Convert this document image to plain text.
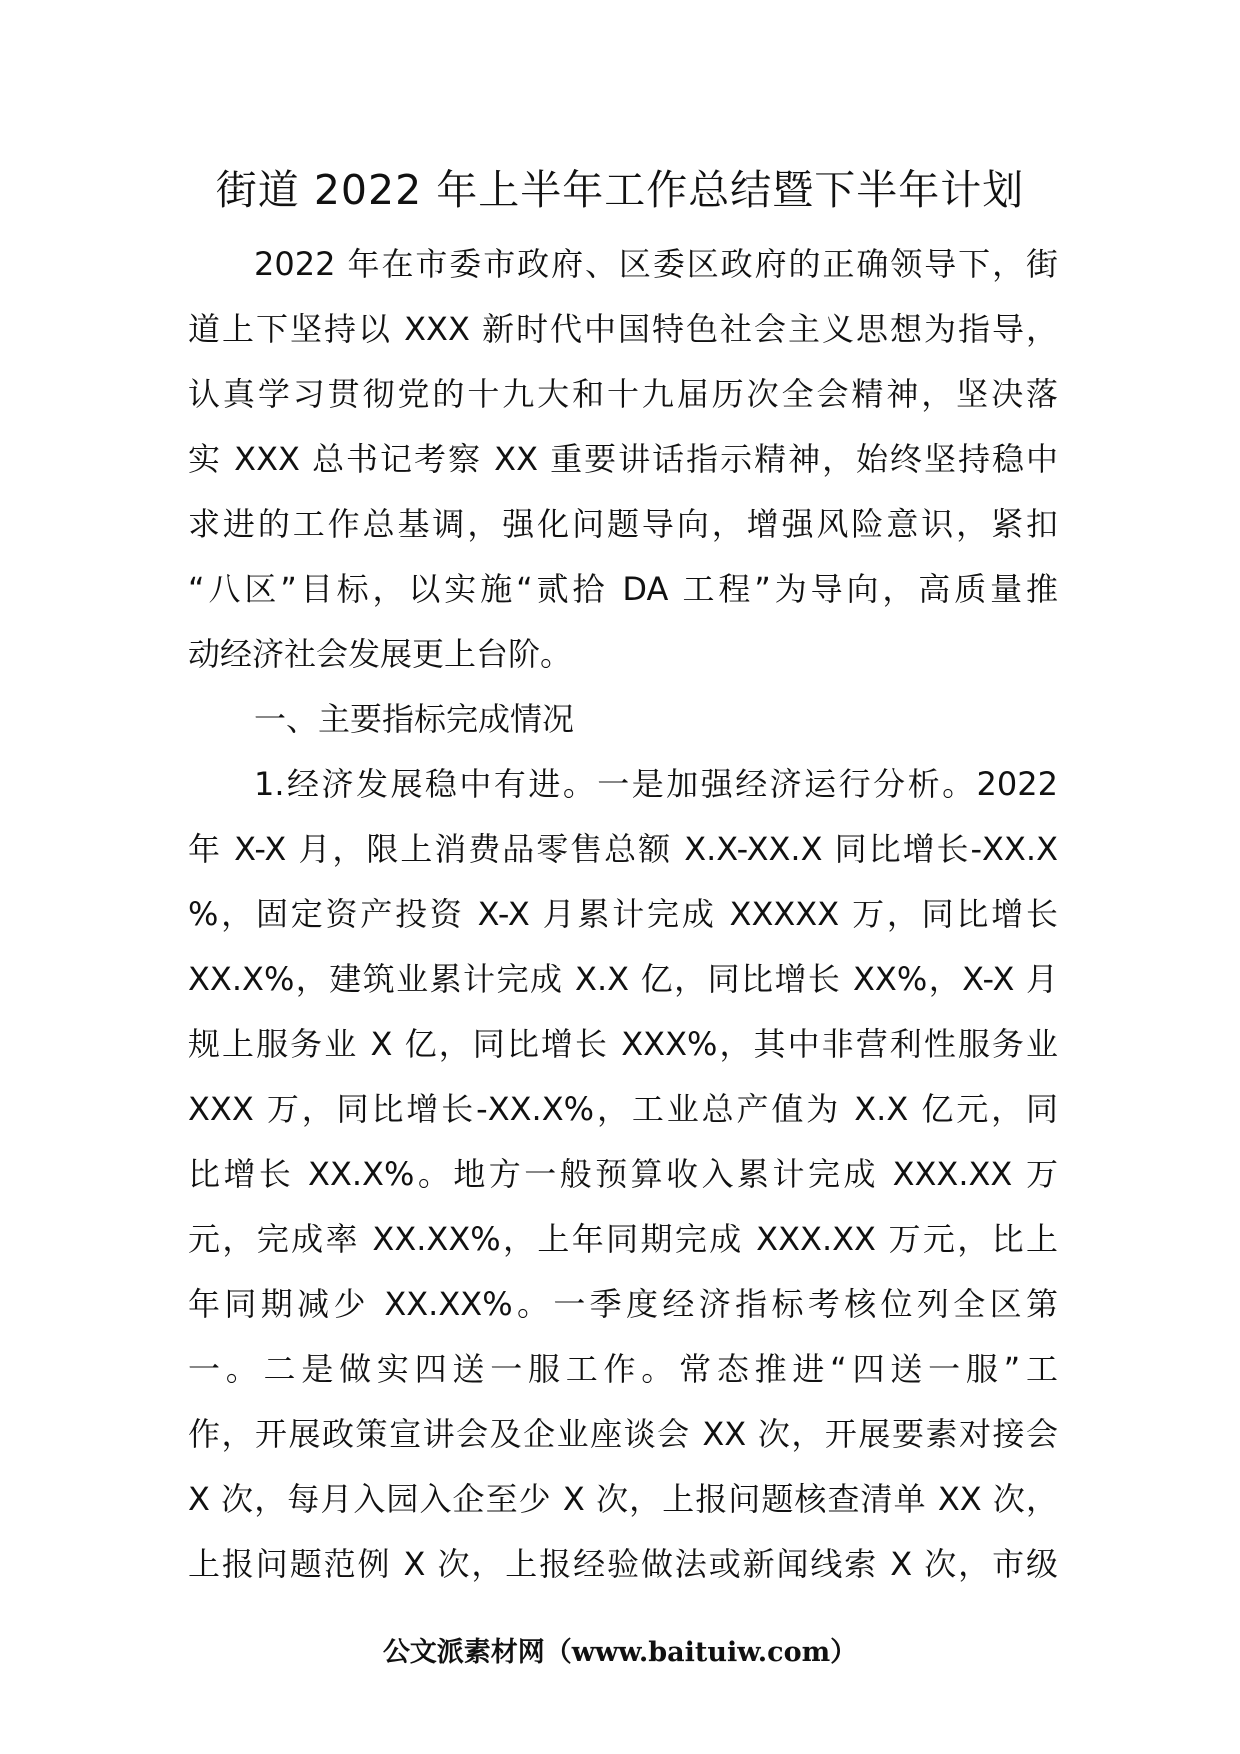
街道 2022 年上半年工作总结暨下半年计划
2022 年在市委市政府、区委区政府的正确领导下，街
道上下坚持以 XXX 新时代中国特色社会主义思想为指导，
认真学习贯彻党的十九大和十九届历次全会精神，坚决落
实 XXX 总书记考察 XX 重要讲话指示精神，始终坚持稳中
求进的工作总基调，强化问题导向，增强风险意识，紧扣
“八区”目标，以实施“贰拾 DA 工程”为导向，高质量推
动经济社会发展更上台阶。
一、主要指标完成情况
1.经济发展稳中有进。一是加强经济运行分析。2022
年 X-X 月，限上消费品零售总额 X.X-XX.X 同比增长-XX.X
%，固定资产投资 X-X 月累计完成 XXXXX 万，同比增长
XX.X%，建筑业累计完成 X.X 亿，同比增长 XX%，X-X 月
规上服务业 X 亿，同比增长 XXX%，其中非营利性服务业
XXX 万，同比增长-XX.X%，工业总产值为 X.X 亿元，同
比增长 XX.X%。地方一般预算收入累计完成 XXX.XX 万
元，完成率 XX.XX%，上年同期完成 XXX.XX 万元，比上
年同期减少 XX.XX%。一季度经济指标考核位列全区第
一。二是做实四送一服工作。常态推进“四送一服”工
作，开展政策宣讲会及企业座谈会 XX 次，开展要素对接会
X 次，每月入园入企至少 X 次，上报问题核查清单 XX 次，
上报问题范例 X 次，上报经验做法或新闻线索 X 次，市级
公文派素材网（www.baituiw.com）
